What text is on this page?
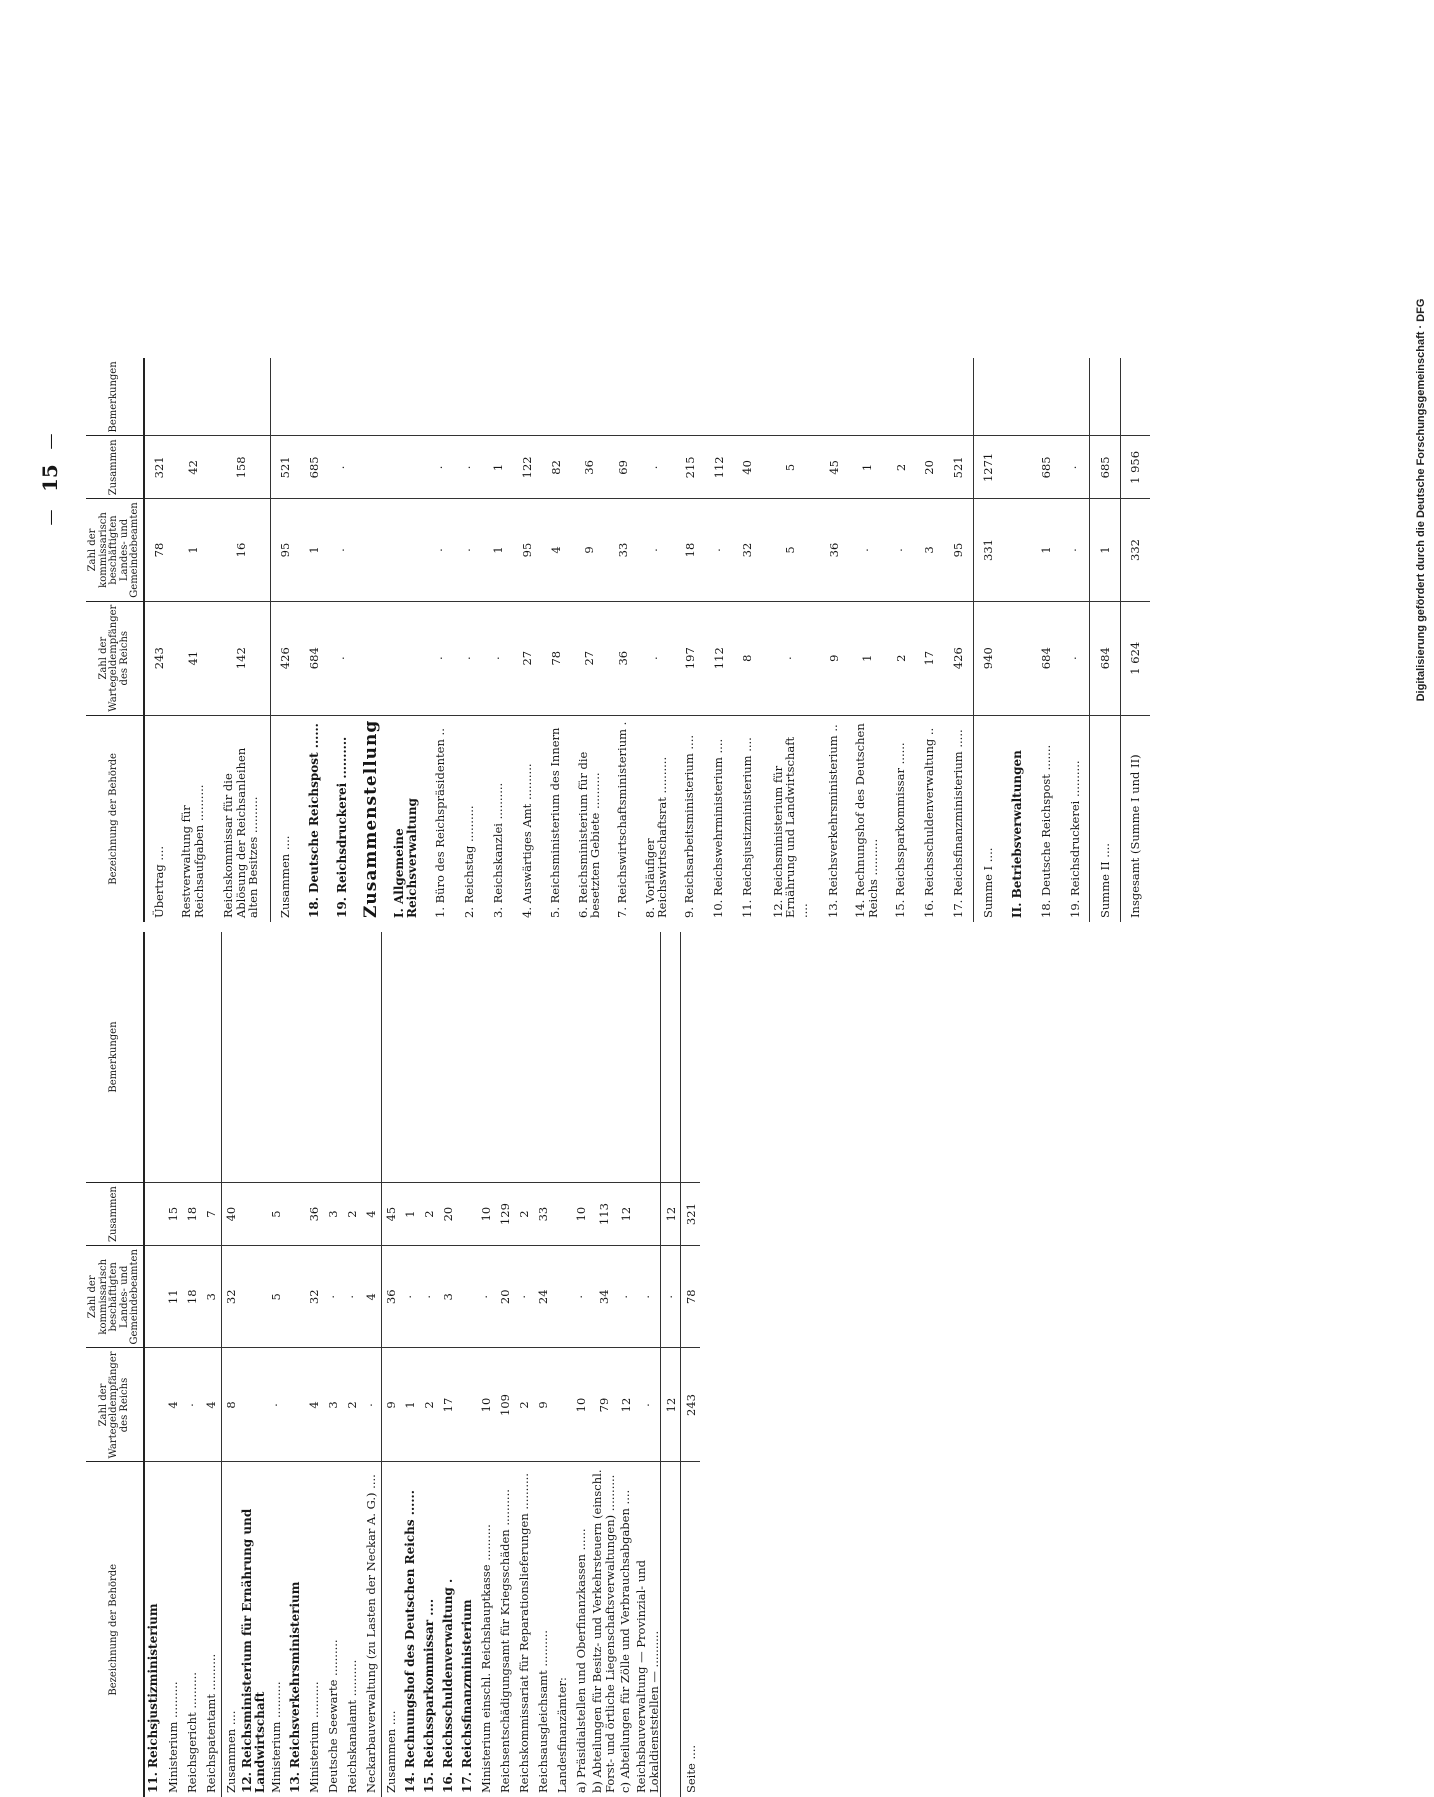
—
15
—	Digitalisierung gefördert durch die Deutsche Forschungsgemeinschaft · DFG
Bezeichnung der Behörde	Zahl der Wartegeldempfänger des Reichs	Zahl der kommissarisch beschäftigten Landes- und Gemeindebeamten	Zusammen	Bemerkungen
11. Reichsjustizministerium				
Ministerium ..........	4	11	15	
Reichsgericht ..........	·	18	18	
Reichspatentamt ..........	4	3	7	
Zusammen ....	8	32	40	
12. Reichsministerium für Ernährung und Landwirtschaft				
Ministerium ..........	·	5	5	
13. Reichsverkehrsministerium				
Ministerium ..........	4	32	36	
Deutsche Seewarte ..........	3	·	3	
Reichskanalamt ..........	2	·	2	
Neckarbauverwaltung (zu Lasten der Neckar A. G.) ....	·	4	4	
Zusammen ....	9	36	45	
14. Rechnungshof des Deutschen Reichs ......	1	·	1	
15. Reichssparkommissar ....	2	·	2	
16. Reichsschuldenverwaltung .	17	3	20	
17. Reichsfinanzministerium				
Ministerium einschl. Reichshauptkasse ..........	10	·	10	
Reichsentschädigungsamt für Kriegsschäden ..........	109	20	129	
Reichskommissariat für Reparationslieferungen ..........	2	·	2	
Reichsausgleichsamt ..........	9	24	33	
Landesfinanzämter:				
a) Präsidialstellen und Oberfinanzkassen ......	10	·	10	
b) Abteilungen für Besitz- und Verkehrsteuern (einschl. Forst- und örtliche Liegenschaftsverwaltungen) ..........	79	34	113	
c) Abteilungen für Zölle und Verbrauchsabgaben ....	12	·	12	
Reichsbauverwaltung — Provinzial- und Lokaldienststellen — ..........	·	·		
	12	·	12	
Seite ....	243	78	321	
Bezeichnung der Behörde	Zahl der Wartegeldempfänger des Reichs	Zahl der kommissarisch beschäftigten Landes- und Gemeindebeamten	Zusammen	Bemerkungen
Übertrag ....	243	78	321	
Restverwaltung für Reichsaufgaben ..........	41	1	42	
Reichskommissar für die Ablösung der Reichsanleihen alten Besitzes ..........	142	16	158	
Zusammen ....	426	95	521	
18. Deutsche Reichspost ......	684	1	685	
19. Reichsdruckerei ..........	·	·	·	
Zusammenstellung				
I. Allgemeine Reichsverwaltung				
1. Büro des Reichspräsidenten ..	·	·	·	
2. Reichstag ..........	·	·	·	
3. Reichskanzlei ..........	·	1	1	
4. Auswärtiges Amt ..........	27	95	122	
5. Reichsministerium des Innern	78	4	82	
6. Reichsministerium für die besetzten Gebiete ..........	27	9	36	
7. Reichswirtschaftsministerium .	36	33	69	
8. Vorläufiger Reichswirtschaftsrat ..........	·	·	·	
9. Reichsarbeitsministerium ....	197	18	215	
10. Reichswehrministerium ....	112	·	112	
11. Reichsjustizministerium ....	8	32	40	
12. Reichsministerium für Ernährung und Landwirtschaft ....	·	5	5	
13. Reichsverkehrsministerium ..	9	36	45	
14. Rechnungshof des Deutschen Reichs ..........	1	·	1	
15. Reichssparkommissar ......	2	·	2	
16. Reichsschuldenverwaltung ..	17	3	20	
17. Reichsfinanzministerium .....	426	95	521	
Summe I ....	940	331	1271	
II. Betriebsverwaltungen				
18. Deutsche Reichspost .......	684	1	685	
19. Reichsdruckerei ..........	·	·	·	
Summe II ....	684	1	685	
Insgesamt (Summe I und II)	1 624	332	1 956	
